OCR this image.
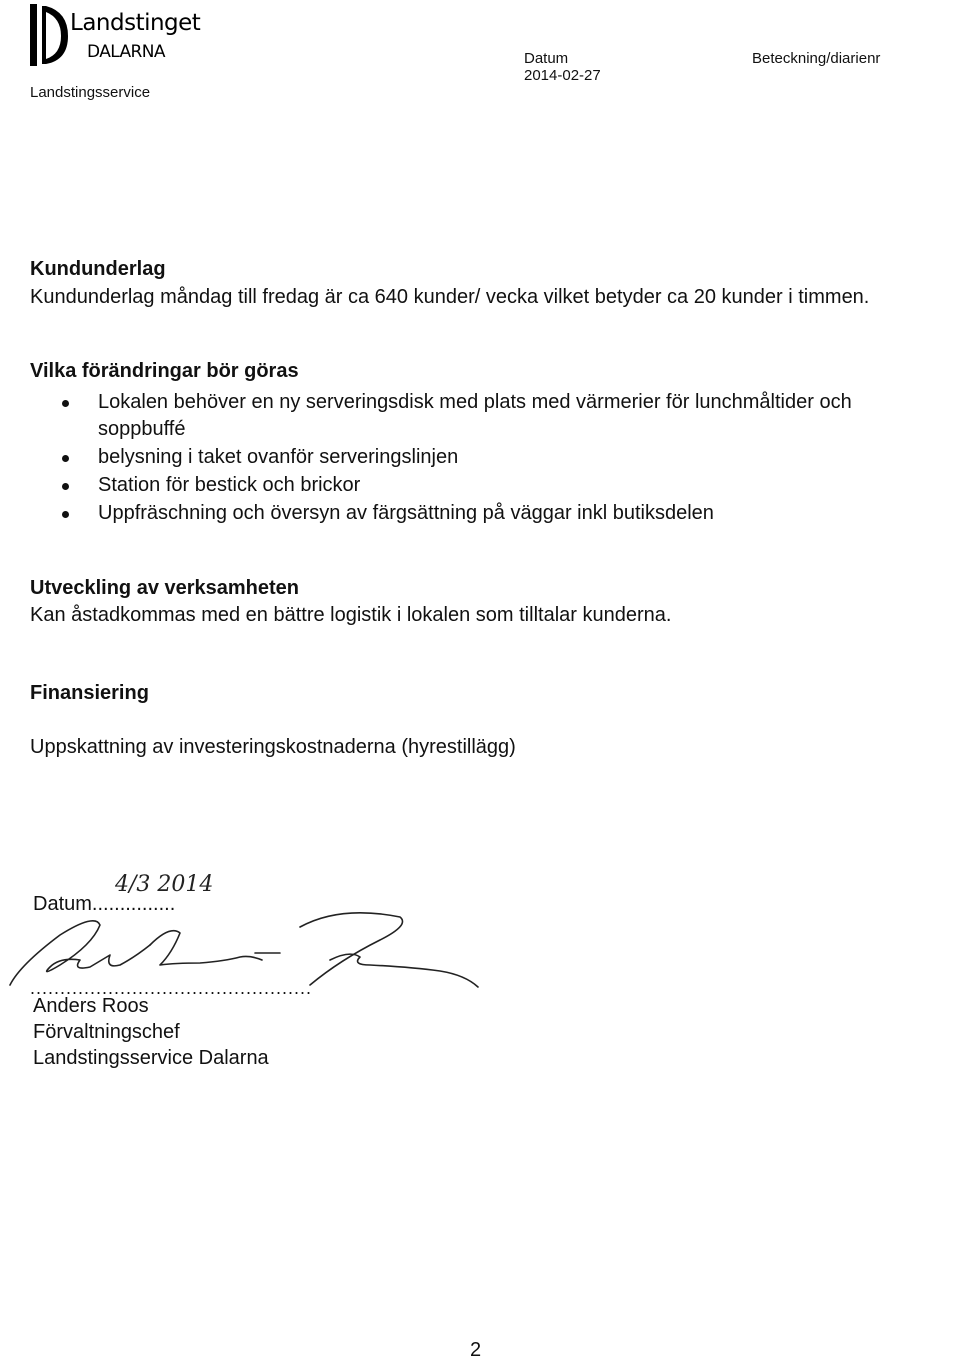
Landstinget
DALARNA
Landstingsservice
Datum
2014-02-27
Beteckning/diarienr
Kundunderlag
Kundunderlag måndag till fredag är ca 640 kunder/ vecka vilket betyder ca 20 kunder i timmen.
Vilka förändringar bör göras
Lokalen behöver en ny serveringsdisk med plats med värmerier för lunchmåltider och soppbuffé
belysning i taket ovanför serveringslinjen
Station för bestick och brickor
Uppfräschning och översyn av färgsättning på väggar inkl butiksdelen
Utveckling av verksamheten
Kan åstadkommas med en bättre logistik i lokalen som tilltalar kunderna.
Finansiering
Uppskattning av investeringskostnaderna (hyrestillägg)
Datum...............
4/3 2014
...............................................
Anders Roos
Förvaltningschef
Landstingsservice Dalarna
2
